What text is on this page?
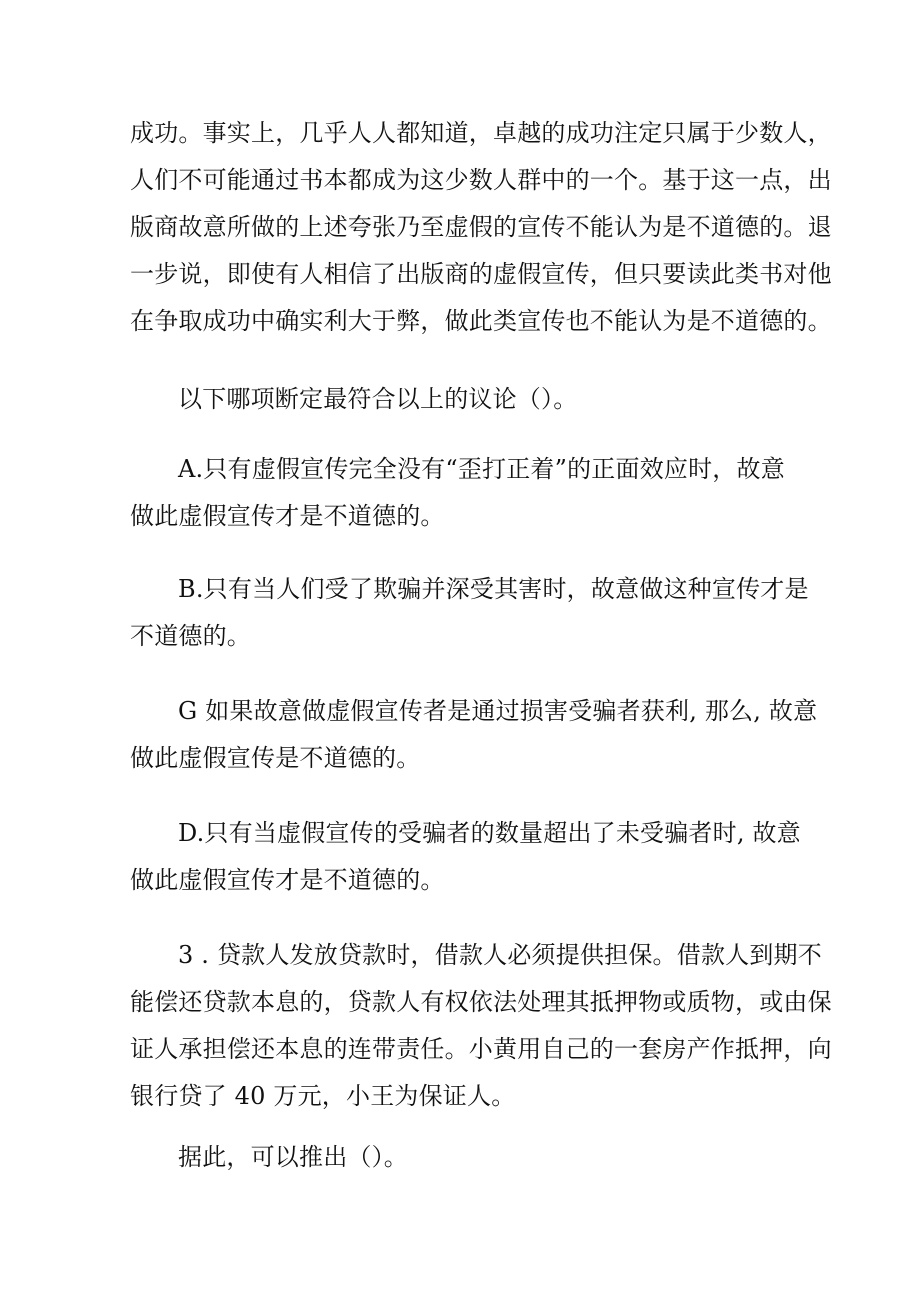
成功。事实上，几乎人人都知道，卓越的成功注定只属于少数人，
人们不可能通过书本都成为这少数人群中的一个。基于这一点，出
版商故意所做的上述夸张乃至虚假的宣传不能认为是不道德的。退
一步说，即使有人相信了出版商的虚假宣传，但只要读此类书对他
在争取成功中确实利大于弊，做此类宣传也不能认为是不道德的。

以下哪项断定最符合以上的议论（）。

A.只有虚假宣传完全没有“歪打正着”的正面效应时，故意
做此虚假宣传才是不道德的。

B.只有当人们受了欺骗并深受其害时，故意做这种宣传才是
不道德的。

G 如果故意做虚假宣传者是通过损害受骗者获利, 那么, 故意
做此虚假宣传是不道德的。

D.只有当虚假宣传的受骗者的数量超出了未受骗者时, 故意
做此虚假宣传才是不道德的。

3 . 贷款人发放贷款时，借款人必须提供担保。借款人到期不
能偿还贷款本息的，贷款人有权依法处理其抵押物或质物，或由保
证人承担偿还本息的连带责任。小黄用自己的一套房产作抵押，向
银行贷了 40 万元，小王为保证人。

据此，可以推出（）。
